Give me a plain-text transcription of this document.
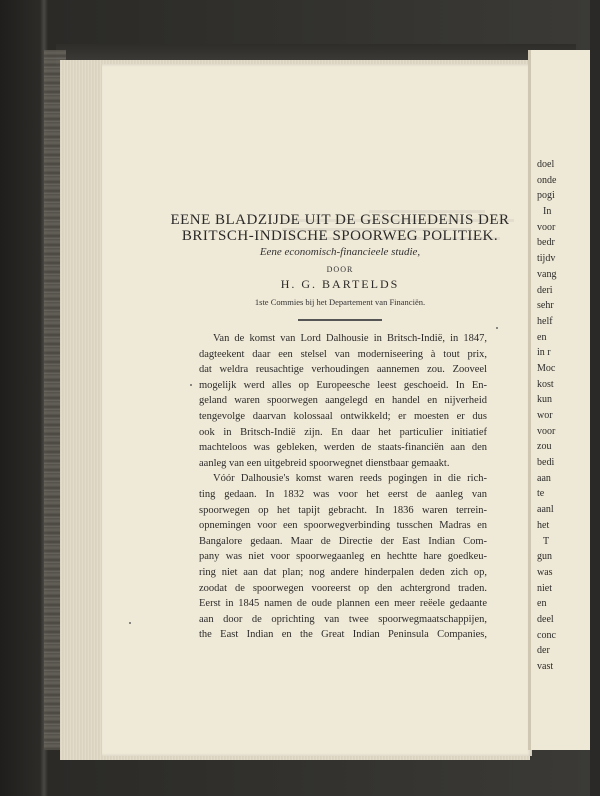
EENE BLADZIJDE UIT DE GESCHIEDENIS DER
BRITSCH-INDISCHE SPOORWEG POLITIEK.
Eene economisch-financieele studie,
DOOR
H. G. BARTELDS
1ste Commies bij het Departement van Financiën.
Van de komst van Lord Dalhousie in Britsch-Indië, in 1847,
dagteekent daar een stelsel van moderniseering à tout prix,
dat weldra reusachtige verhoudingen aannemen zou. Zooveel
mogelijk werd alles op Europeesche leest geschoeid. In En-
geland waren spoorwegen aangelegd en handel en nijverheid
tengevolge daarvan kolossaal ontwikkeld; er moesten er dus
ook in Britsch-Indië zijn. En daar het particulier initiatief
machteloos was gebleken, werden de staats-financiën aan den
aanleg van een uitgebreid spoorwegnet dienstbaar gemaakt.
Vóór Dalhousie's komst waren reeds pogingen in die rich-
ting gedaan. In 1832 was voor het eerst de aanleg van
spoorwegen op het tapijt gebracht. In 1836 waren terrein-
opnemingen voor een spoorwegverbinding tusschen Madras en
Bangalore gedaan. Maar de Directie der East Indian Com-
pany was niet voor spoorwegaanleg en hechtte hare goedkeu-
ring niet aan dat plan; nog andere hinderpalen deden zich op,
zoodat de spoorwegen vooreerst op den achtergrond traden.
Eerst in 1845 namen de oude plannen een meer reëele gedaante
aan door de oprichting van twee spoorwegmaatschappijen,
the East Indian en the Great Indian Peninsula Companies,
doel
onde
pogi
In
voor
bedr
tijdv
vang
deri
sehr
helf
en
in r
Moc
kost
kun
wor
voor
zou
bedi
aan
te
aanl
het
T
gun
was
niet
en
deel
conc
der
vast
